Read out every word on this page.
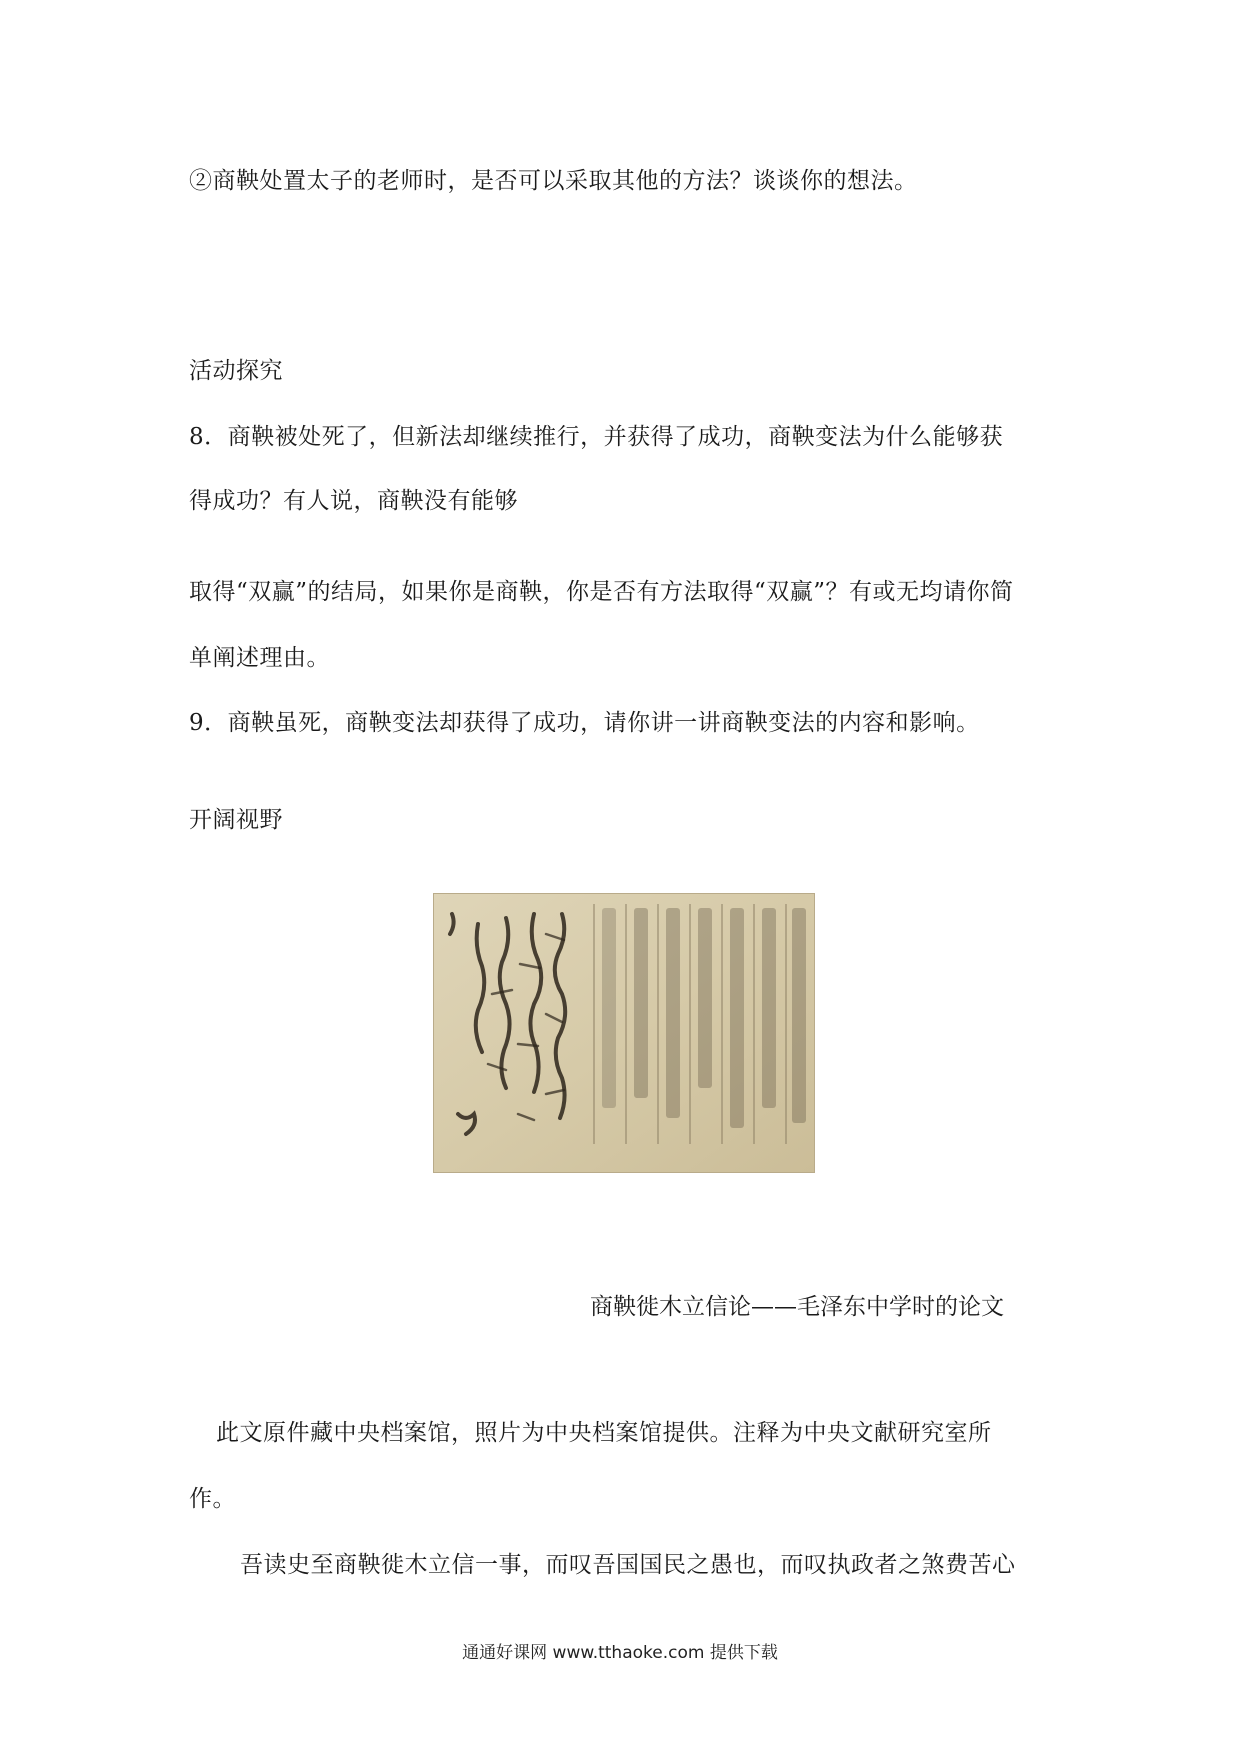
②商鞅处置太子的老师时，是否可以采取其他的方法？谈谈你的想法。
活动探究
8．商鞅被处死了，但新法却继续推行，并获得了成功，商鞅变法为什么能够获
得成功？有人说，商鞅没有能够
取得“双赢”的结局，如果你是商鞅，你是否有方法取得“双赢”？有或无均请你简
单阐述理由。
9．商鞅虽死，商鞅变法却获得了成功，请你讲一讲商鞅变法的内容和影响。
开阔视野
商鞅徙木立信论——毛泽东中学时的论文
此文原件藏中央档案馆，照片为中央档案馆提供。注释为中央文献研究室所
作。
吾读史至商鞅徙木立信一事，而叹吾国国民之愚也，而叹执政者之煞费苦心
通通好课网 www.tthaoke.com 提供下载
